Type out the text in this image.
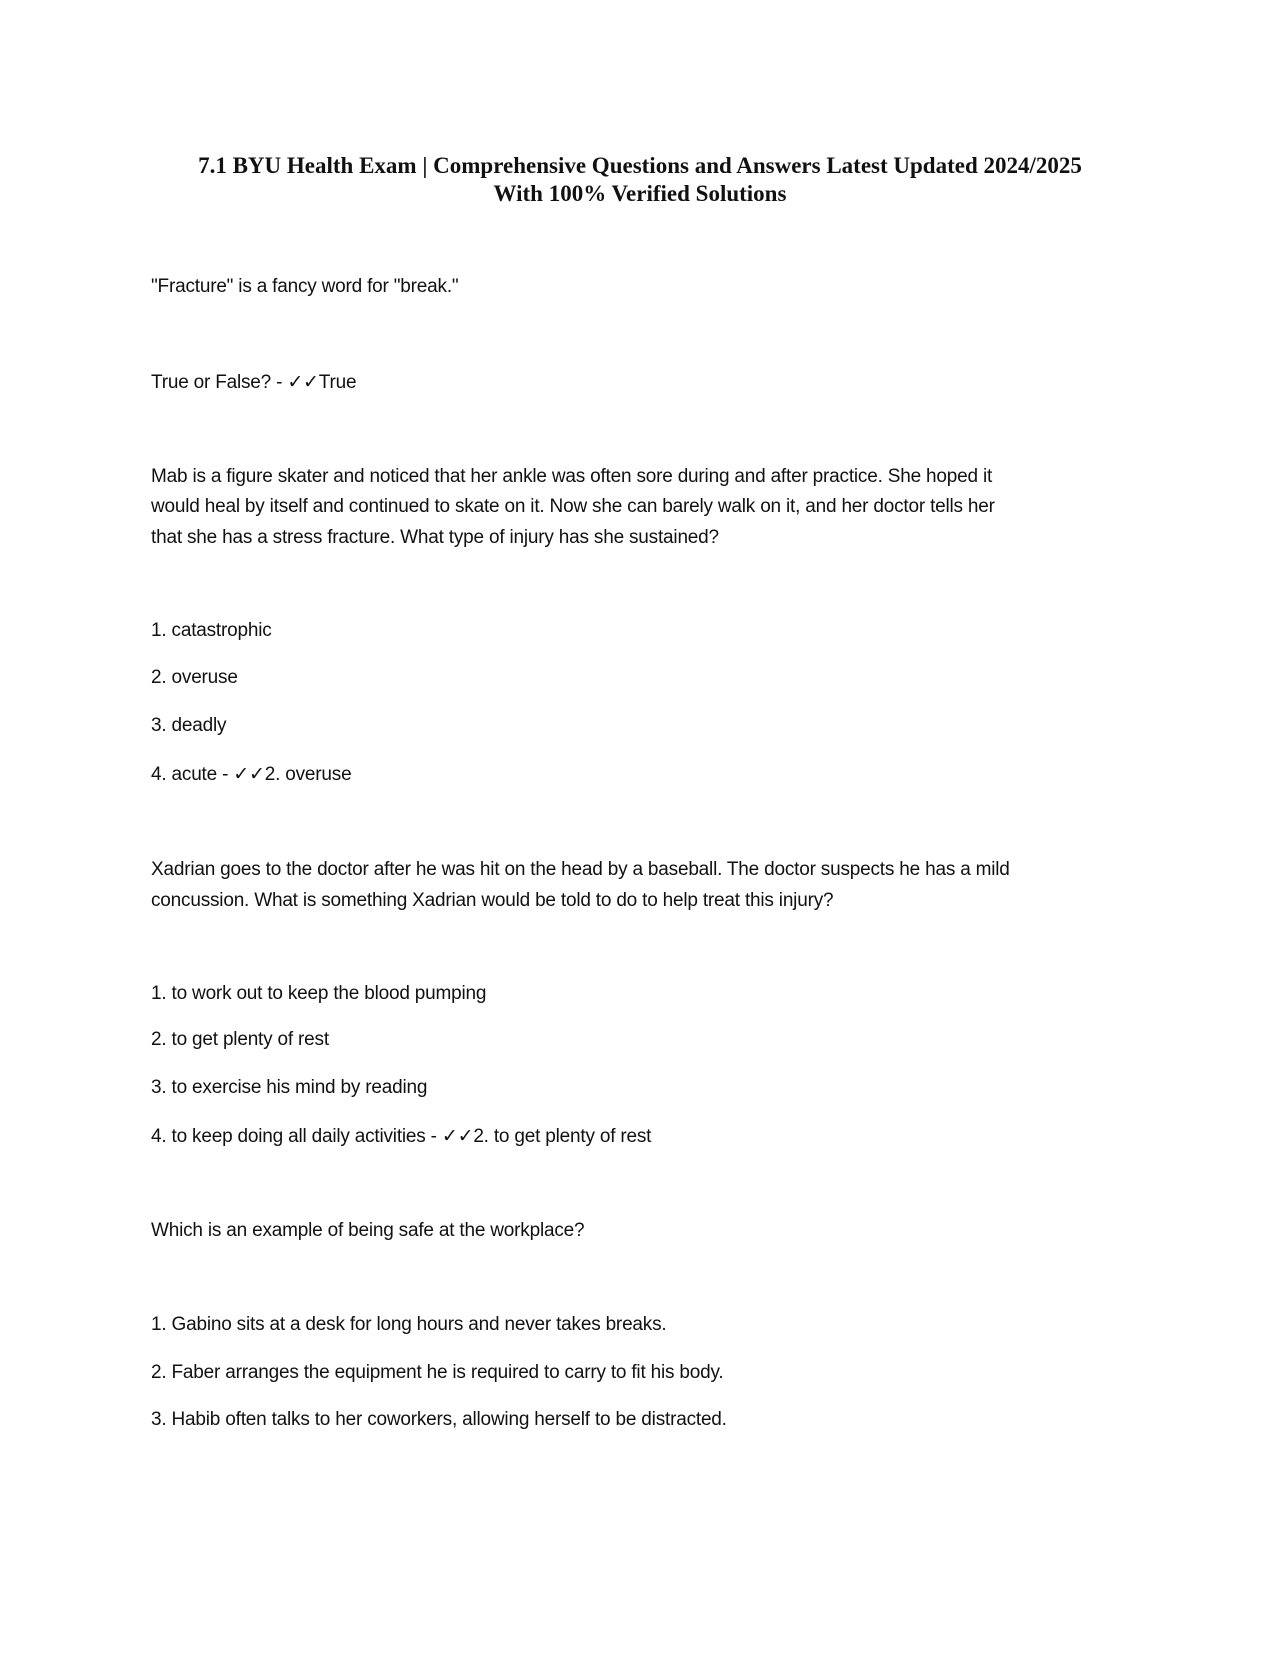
7.1 BYU Health Exam | Comprehensive Questions and Answers Latest Updated 2024/2025
With 100% Verified Solutions
"Fracture" is a fancy word for "break."
True or False? - ✓✓True
Mab is a figure skater and noticed that her ankle was often sore during and after practice. She hoped it
would heal by itself and continued to skate on it. Now she can barely walk on it, and her doctor tells her
that she has a stress fracture. What type of injury has she sustained?
1. catastrophic
2. overuse
3. deadly
4. acute - ✓✓2. overuse
Xadrian goes to the doctor after he was hit on the head by a baseball. The doctor suspects he has a mild
concussion. What is something Xadrian would be told to do to help treat this injury?
1. to work out to keep the blood pumping
2. to get plenty of rest
3. to exercise his mind by reading
4. to keep doing all daily activities - ✓✓2. to get plenty of rest
Which is an example of being safe at the workplace?
1. Gabino sits at a desk for long hours and never takes breaks.
2. Faber arranges the equipment he is required to carry to fit his body.
3. Habib often talks to her coworkers, allowing herself to be distracted.
